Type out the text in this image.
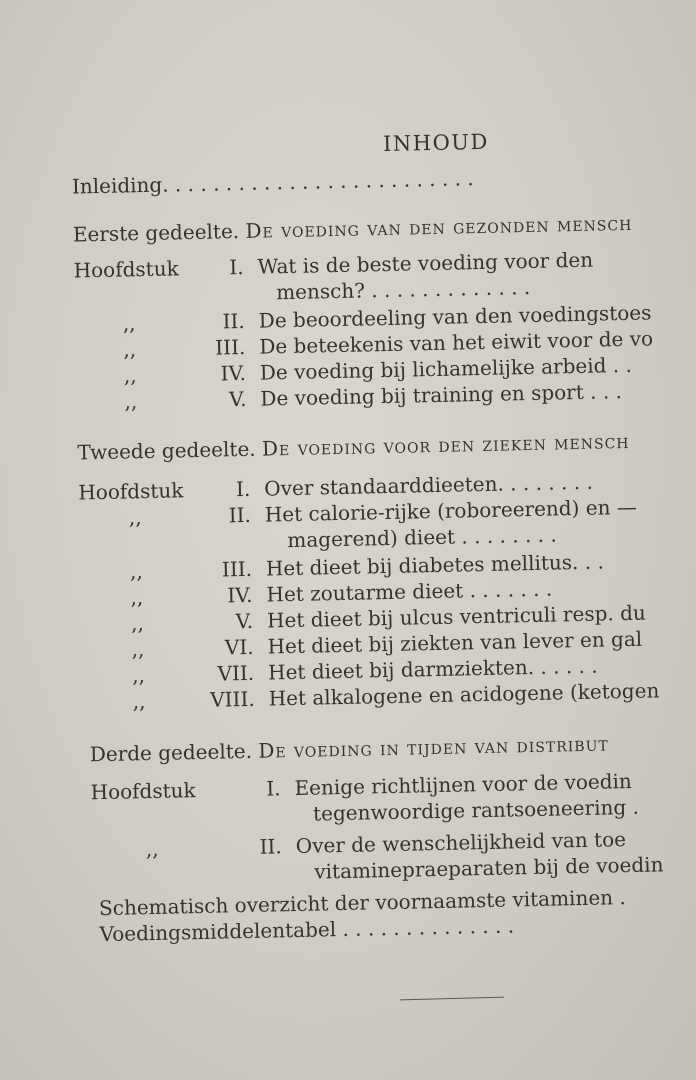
INHOUD
Inleiding. . . . . . . . . . . . . . . . . . . . . . . . .
Eerste gedeelte. De voeding van den gezonden mensch
Hoofdstuk	I. Wat is de beste voeding voor den
mensch? . . . . . . . . . . . . .
,,	II. De beoordeeling van den voedingstoes
,,	III. De beteekenis van het eiwit voor de vo
,,	IV. De voeding bij lichamelijke arbeid . .
,,	V. De voeding bij training en sport . . .
Tweede gedeelte. De voeding voor den zieken mensch
Hoofdstuk	I. Over standaarddieeten. . . . . . . .
,,	II. Het calorie-rijke (roboreerend) en —
magerend) dieet . . . . . . . .
,,	III. Het dieet bij diabetes mellitus. . .
,,	IV. Het zoutarme dieet . . . . . . .
,,	V. Het dieet bij ulcus ventriculi resp. du
,,	VI. Het dieet bij ziekten van lever en gal
,,	VII. Het dieet bij darmziekten. . . . . .
,,	VIII. Het alkalogene en acidogene (ketogen
Derde gedeelte. De voeding in tijden van distribut
Hoofdstuk	I. Eenige richtlijnen voor de voedin
tegenwoordige rantsoeneering .
,,	II. Over de wenschelijkheid van toe
vitaminepraeparaten bij de voedin
Schematisch overzicht der voornaamste vitaminen .
Voedingsmiddelentabel . . . . . . . . . . . . . .
